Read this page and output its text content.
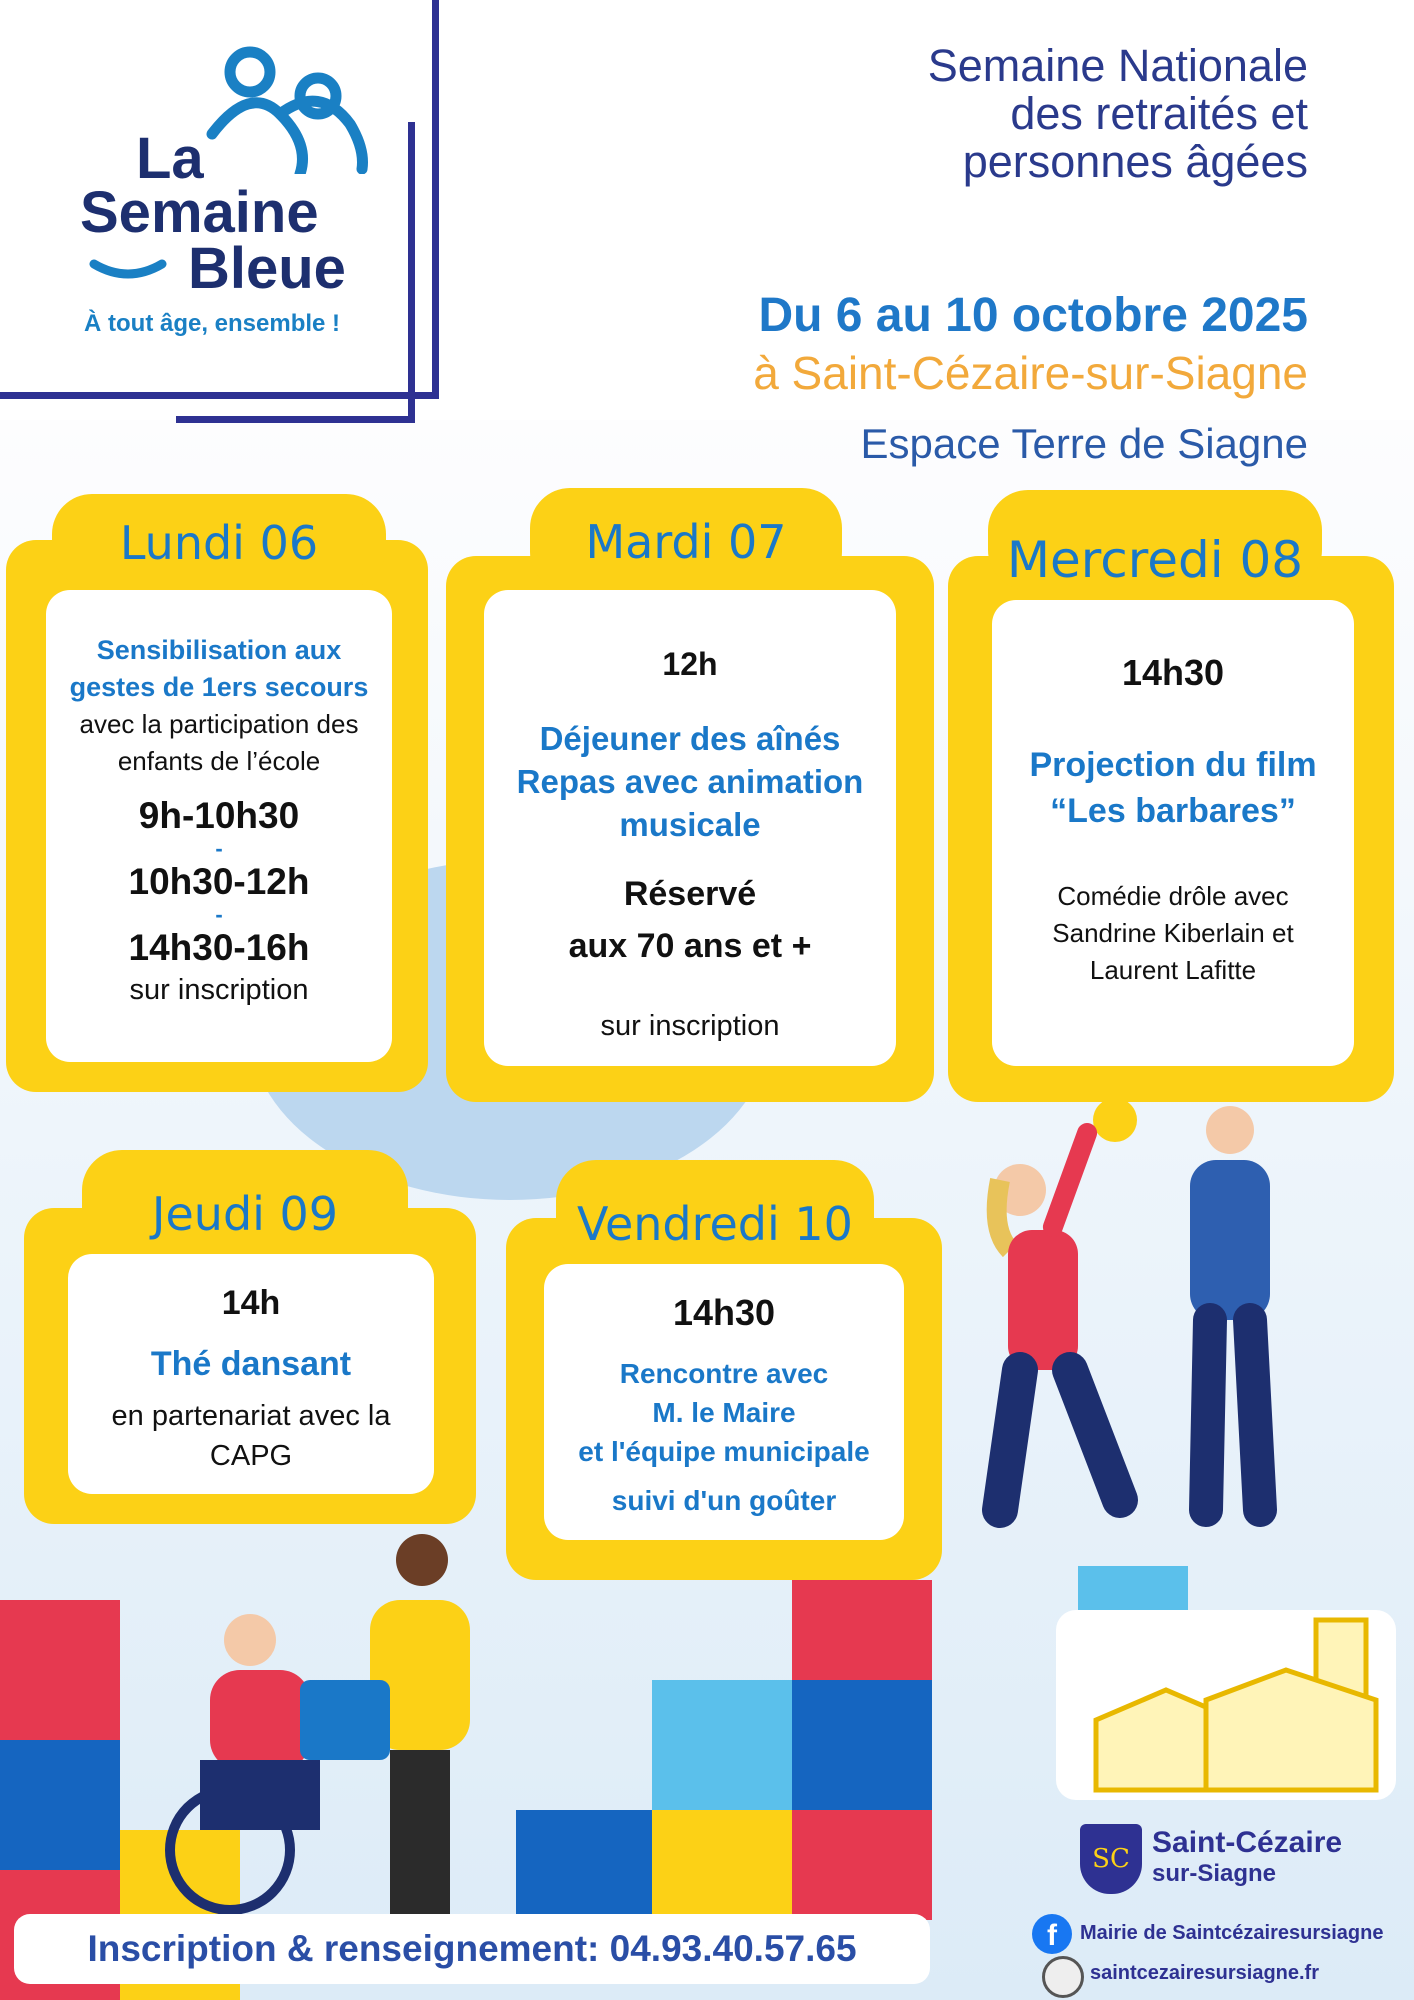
La
Semaine
Bleue
À tout âge, ensemble !
Semaine Nationale
des retraités et
personnes âgées
Du 6 au 10 octobre 2025
à Saint-Cézaire-sur-Siagne
Espace Terre de Siagne
Lundi 06
Sensibilisation aux
gestes de 1ers secours
avec la participation des
enfants de l’école
9h-10h30
-
10h30-12h
-
14h30-16h
sur inscription
Mardi 07
12h
Déjeuner des aînés
Repas avec animation
musicale
Réservé
aux 70 ans et +
sur inscription
Mercredi 08
14h30
Projection du film
“Les barbares”
Comédie drôle avec
Sandrine Kiberlain et
Laurent Lafitte
Jeudi 09
14h
Thé dansant
en partenariat avec la
CAPG
Vendredi 10
14h30
Rencontre avec
M. le Maire
et l'équipe municipale
suivi d'un goûter
Inscription & renseignement: 04.93.40.57.65
SC Saint-Cézaire
sur-Siagne
f	Mairie de Saintcézairesursiagne
saintcezairesursiagne.fr
